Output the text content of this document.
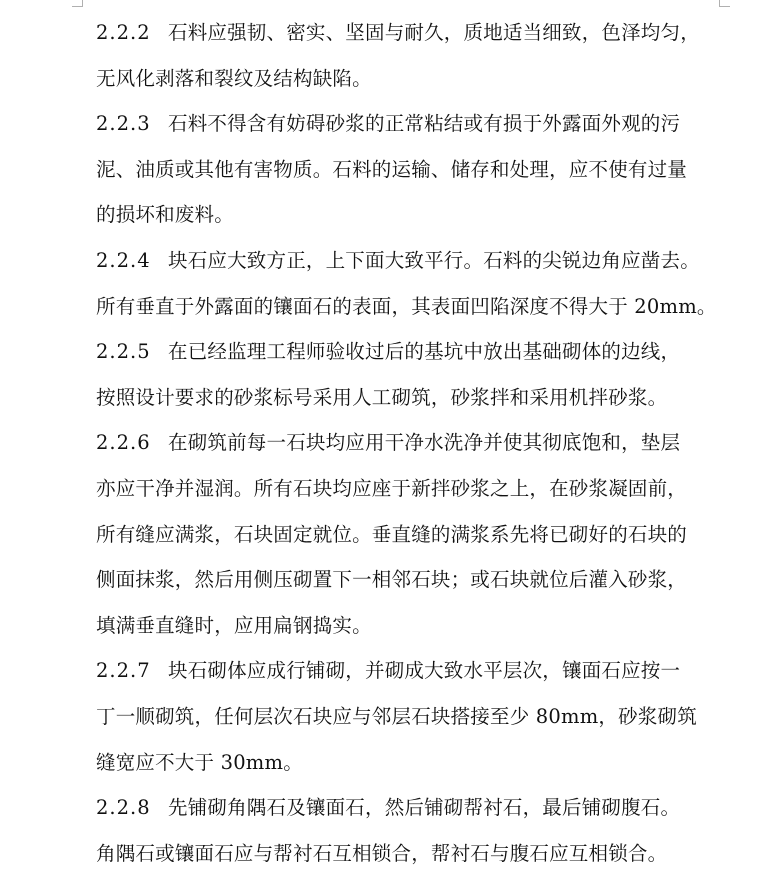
2.2.2 石料应强韧、密实、坚固与耐久，质地适当细致，色泽均匀，
无风化剥落和裂纹及结构缺陷。
2.2.3 石料不得含有妨碍砂浆的正常粘结或有损于外露面外观的污
泥、油质或其他有害物质。石料的运输、储存和处理，应不使有过量
的损坏和废料。
2.2.4 块石应大致方正，上下面大致平行。石料的尖锐边角应凿去。
所有垂直于外露面的镶面石的表面，其表面凹陷深度不得大于 20mm。
2.2.5 在已经监理工程师验收过后的基坑中放出基础砌体的边线，
按照设计要求的砂浆标号采用人工砌筑，砂浆拌和采用机拌砂浆。
2.2.6 在砌筑前每一石块均应用干净水洗净并使其彻底饱和，垫层
亦应干净并湿润。所有石块均应座于新拌砂浆之上，在砂浆凝固前，
所有缝应满浆，石块固定就位。垂直缝的满浆系先将已砌好的石块的
侧面抹浆，然后用侧压砌置下一相邻石块；或石块就位后灌入砂浆，
填满垂直缝时，应用扁钢捣实。
2.2.7 块石砌体应成行铺砌，并砌成大致水平层次，镶面石应按一
丁一顺砌筑，任何层次石块应与邻层石块搭接至少 80mm，砂浆砌筑
缝宽应不大于 30mm。
2.2.8 先铺砌角隅石及镶面石，然后铺砌帮衬石，最后铺砌腹石。
角隅石或镶面石应与帮衬石互相锁合，帮衬石与腹石应互相锁合。
